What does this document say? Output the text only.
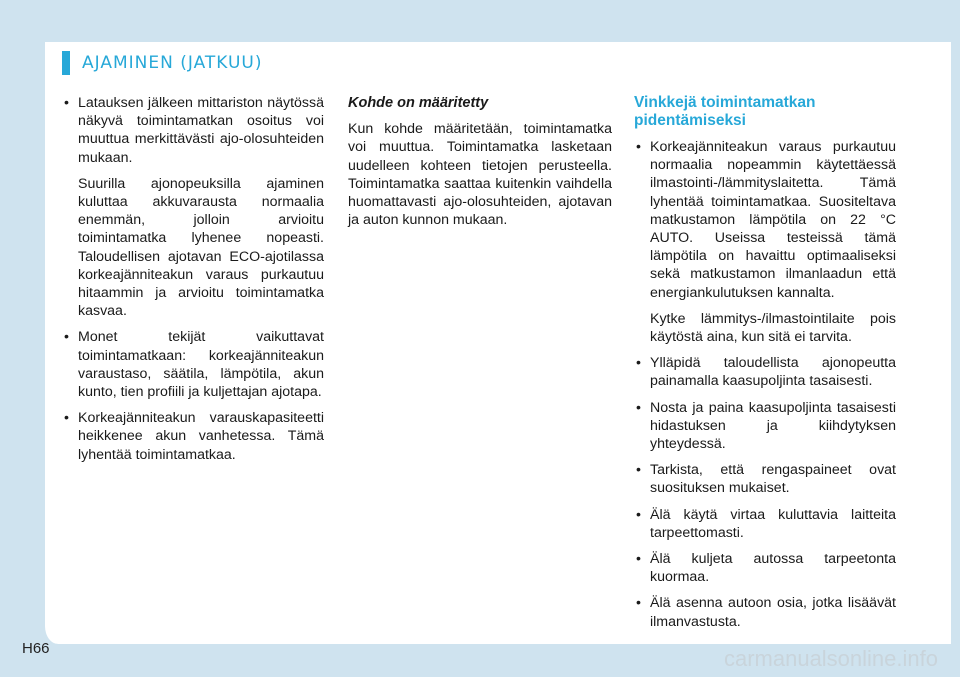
AJAMINEN (JATKUU)
• Latauksen jälkeen mittariston näytössä näkyvä toimintamatkan osoitus voi muuttua merkittävästi ajo-olosuhteiden mukaan.

Suurilla ajonopeuksilla ajaminen kuluttaa akkuvarausta normaalia enemmän, jolloin arvioitu toimintamatka lyhenee nopeasti. Taloudellisen ajotavan ECO-ajotilassa korkeajänniteakun varaus purkautuu hitaammin ja arvioitu toimintamatka kasvaa.

• Monet tekijät vaikuttavat toimintamatkaan: korkeajänniteakun varaustaso, säätila, lämpötila, akun kunto, tien profiili ja kuljettajan ajotapa.

• Korkeajänniteakun varauskapasiteetti heikkenee akun vanhetessa. Tämä lyhentää toimintamatkaa.

Kohde on määritetty

Kun kohde määritetään, toimintamatka voi muuttua. Toimintamatka lasketaan uudelleen kohteen tietojen perusteella. Toimintamatka saattaa kuitenkin vaihdella huomattavasti ajo-olosuhteiden, ajotavan ja auton kunnon mukaan.

Vinkkejä toimintamatkan pidentämiseksi

• Korkeajänniteakun varaus purkautuu normaalia nopeammin käytettäessä ilmastointi-/lämmityslaitetta. Tämä lyhentää toimintamatkaa. Suositeltava matkustamon lämpötila on 22 °C AUTO. Useissa testeissä tämä lämpötila on havaittu optimaaliseksi sekä matkustamon ilmanlaadun että energiankulutuksen kannalta.

Kytke lämmitys-/ilmastointilaite pois käytöstä aina, kun sitä ei tarvita.

• Ylläpidä taloudellista ajonopeutta painamalla kaasupoljinta tasaisesti.

• Nosta ja paina kaasupoljinta tasaisesti hidastuksen ja kiihdytyksen yhteydessä.

• Tarkista, että rengaspaineet ovat suosituksen mukaiset.

• Älä käytä virtaa kuluttavia laitteita tarpeettomasti.

• Älä kuljeta autossa tarpeetonta kuormaa.

• Älä asenna autoon osia, jotka lisäävät ilmanvastusta.

H66	carmanualsonline.info
